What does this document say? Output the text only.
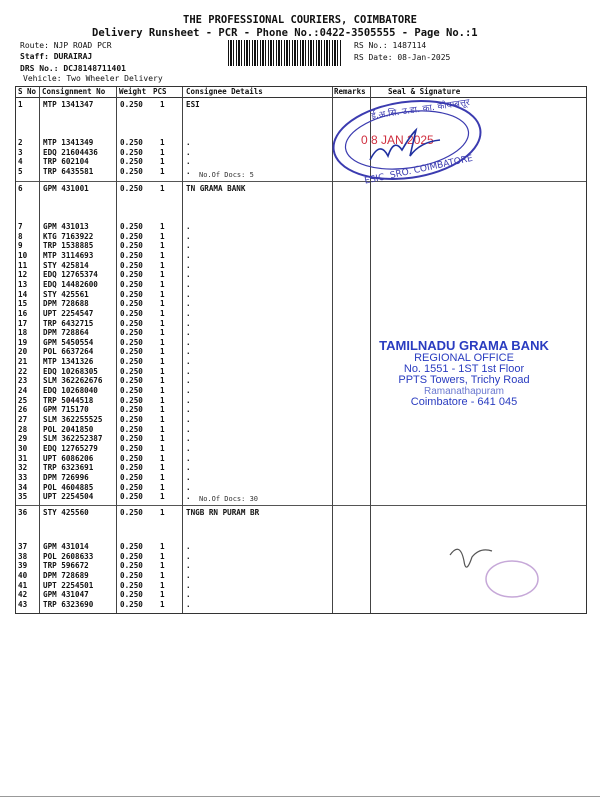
THE PROFESSIONAL COURIERS, COIMBATORE
Delivery Runsheet - PCR - Phone No.:0422-3505555 - Page No.:1
Route: NJP ROAD PCR
Staff: DURAIRAJ
DRS No.: DCJ8148711401
Vehicle: Two Wheeler Delivery
RS No.: 1487114
RS Date: 08-Jan-2025
S No Consignment No Weight PCS	Consignee Details	Remarks	Seal & Signature
1	MTP 1341347	0.250 1	ESI
2	MTP 1341349	0.250 1	.
3	EDQ 21604436	0.250 1	.
4	TRP 602104	0.250 1	.
5	TRP 6435581	0.250 1	. No.Of Docs: 5
6	GPM 431001	0.250 1	TN GRAMA BANK
7	GPM 431013	0.250 1	.
8	KTG 7163922	0.250 1	.
9	TRP 1538885	0.250 1	.
10 MTP 3114693	0.250 1	.
11 STY 425814	0.250 1	.
12 EDQ 12765374	0.250 1	.
13 EDQ 14482600	0.250 1	.
14 STY 425561	0.250 1	.
15 DPM 728688	0.250 1	.
16 UPT 2254547	0.250 1	.
17 TRP 6432715	0.250 1	.
18 DPM 728864	0.250 1	.
19 GPM 5450554	0.250 1	.
20 POL 6637264	0.250 1	.
21 MTP 1341326	0.250 1	.
22 EDQ 10268305	0.250 1	.
23 SLM 362262676 0.250 1	.
24 EDQ 10268040	0.250 1	.
25 TRP 5044518	0.250 1	.
26 GPM 715170	0.250 1	.
27 SLM 362255525 0.250 1	.
28 POL 2041850	0.250 1	.
29 SLM 362252387 0.250 1	.
30 EDQ 12765279	0.250 1	.
31 UPT 6086206	0.250 1	.
32 TRP 6323691	0.250 1	.
33 DPM 726996	0.250 1	.
34 POL 4604885	0.250 1	.
35 UPT 2254504	0.250 1	. No.Of Docs: 30
36 STY 425560	0.250 1	TNGB RN PURAM BR
37 GPM 431014	0.250 1	.
38 POL 2608633	0.250 1	.
39 TRP 596672	0.250 1	.
40 DPM 728689	0.250 1	.
41 UPT 2254501	0.250 1	.
42 GPM 431047	0.250 1	.
43 TRP 6323690	0.250 1	.
ई.अ.सि. उ.डा. का. कोयम्बत्तूर
ESIC. SRO. COIMBATORE
0 8 JAN 2025
TAMILNADU GRAMA BANK
REGIONAL OFFICE
No. 1551 - 1ST 1st Floor
PPTS Towers, Trichy Road
Ramanathapuram
Coimbatore - 641 045
